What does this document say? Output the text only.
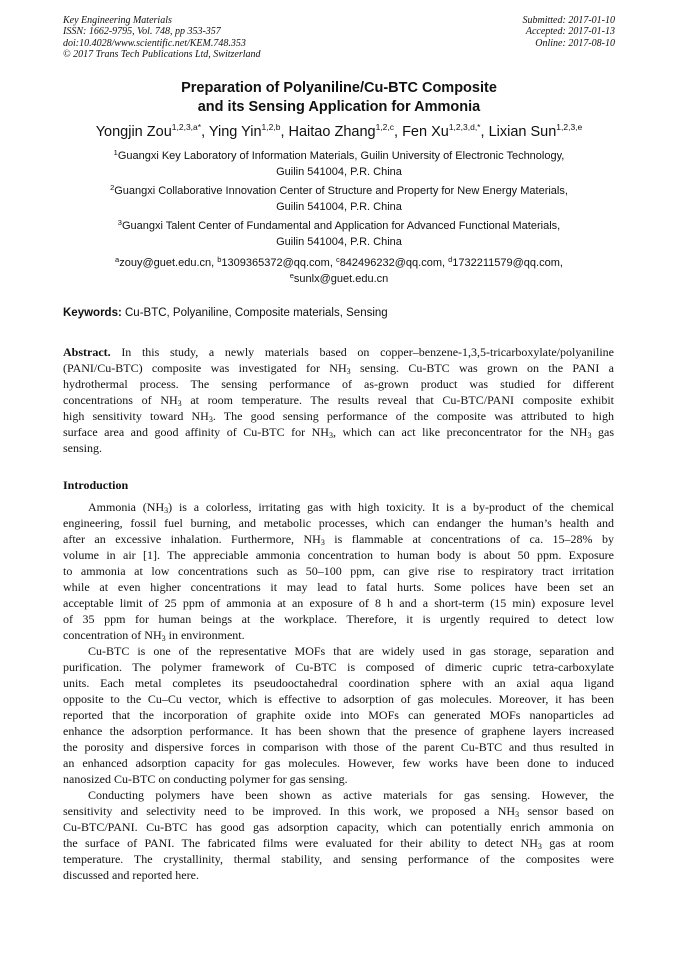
Key Engineering Materials
ISSN: 1662-9795, Vol. 748, pp 353-357
doi:10.4028/www.scientific.net/KEM.748.353
© 2017 Trans Tech Publications Ltd, Switzerland
Submitted: 2017-01-10
Accepted: 2017-01-13
Online: 2017-08-10
Preparation of Polyaniline/Cu-BTC Composite
and its Sensing Application for Ammonia
Yongjin Zou$^{1,2,3,a*}$, Ying Yin$^{1,2,b}$, Haitao Zhang$^{1,2,c}$, Fen $Xu^{1,2,3,d,*}$, Lixian Sun$^{1,2,3,e}$
$^1$Guangxi Key Laboratory of Information Materials, Guilin University of Electronic Technology,
Guilin 541004, P.R. China
$^2$Guangxi Collaborative Innovation Center of Structure and Property for New Energy Materials,
Guilin 541004, P.R. China
$^3$Guangxi Talent Center of Fundamental and Application for Advanced Functional Materials,
Guilin 541004, P.R. China
$^a$zouy@guet.edu.cn, $^b$1309365372@qq.com, $^c$842496232@qq.com, $^d$1732211579@qq.com,
$^e$sunlx@guet.edu.cn
Keywords: Cu-BTC, Polyaniline, Composite materials, Sensing
Abstract. In this study, a newly materials based on copper–benzene-1,3,5-tricarboxylate/polyaniline
(PANI/Cu-BTC) composite was investigated for $NH_3$ sensing. Cu-BTC was grown on the PANI a
hydrothermal process. The sensing performance of as-grown product was studied for different
concentrations of $NH_3$ at room temperature. The results reveal that Cu-BTC/PANI composite exhibit
high sensitivity toward $NH_3$. The good sensing performance of the composite was attributed to high
surface area and good affinity of Cu-BTC for $NH_3$, which can act like preconcentrator for the $NH_3$ gas
sensing.
Introduction
Ammonia $(NH_3)$ is a colorless, irritating gas with high toxicity. It is a by-product of the chemical
engineering, fossil fuel burning, and metabolic processes, which can endanger the human’s health and
after an excessive inhalation. Furthermore, $NH_3$ is flammable at concentrations of ca. 15–28% by
volume in air [1]. The appreciable ammonia concentration to human body is about 50 ppm. Exposure
to ammonia at low concentrations such as 50–100 ppm, can give rise to respiratory tract irritation
while at even higher concentrations it may lead to fatal hurts. Some polices have been set an
acceptable limit of 25 ppm of ammonia at an exposure of 8 h and a short-term (15 min) exposure level
of 35 ppm for human beings at the workplace. Therefore, it is urgently required to detect low
concentration of $NH_3$ in environment.
Cu-BTC is one of the representative MOFs that are widely used in gas storage, separation and
purification. The polymer framework of Cu-BTC is composed of dimeric cupric tetra-carboxylate
units. Each metal completes its pseudooctahedral coordination sphere with an axial aqua ligand
opposite to the Cu–Cu vector, which is effective to adsorption of gas molecules. Moreover, it has been
reported that the incorporation of graphite oxide into MOFs can generated MOFs nanoparticles ad
enhance the adsorption performance. It has been shown that the presence of graphene layers increased
the porosity and dispersive forces in comparison with those of the parent Cu-BTC and thus resulted in
an enhanced adsorption capacity for gas molecules. However, few works have been done to induced
nanosized Cu-BTC on conducting polymer for gas sensing.
Conducting polymers have been shown as active materials for gas sensing. However, the
sensitivity and selectivity need to be improved. In this work, we proposed a $NH_3$ sensor based on
Cu-BTC/PANI. Cu-BTC has good gas adsorption capacity, which can potentially enrich ammonia on
the surface of PANI. The fabricated films were evaluated for their ability to detect $NH_3$ gas at room
temperature. The crystallinity, thermal stability, and sensing performance of the composites were
discussed and reported here.
